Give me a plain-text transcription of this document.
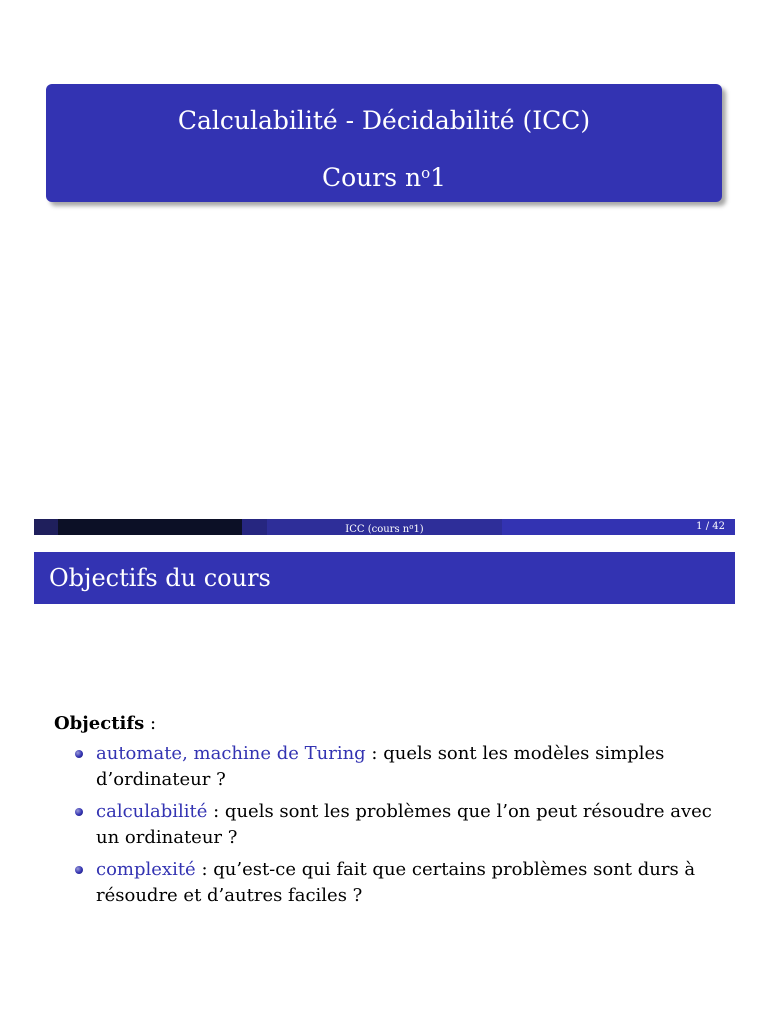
Calculabilité - Décidabilité (ICC)
Cours $n^o1$
ICC (cours $n^o1$)	1 / 42
Objectifs du cours
Objectifs :
automate, machine de Turing : quels sont les modèles simples d’ordinateur ?
calculabilité : quels sont les problèmes que l’on peut résoudre avec un ordinateur ?
complexité : qu’est-ce qui fait que certains problèmes sont durs à résoudre et d’autres faciles ?
